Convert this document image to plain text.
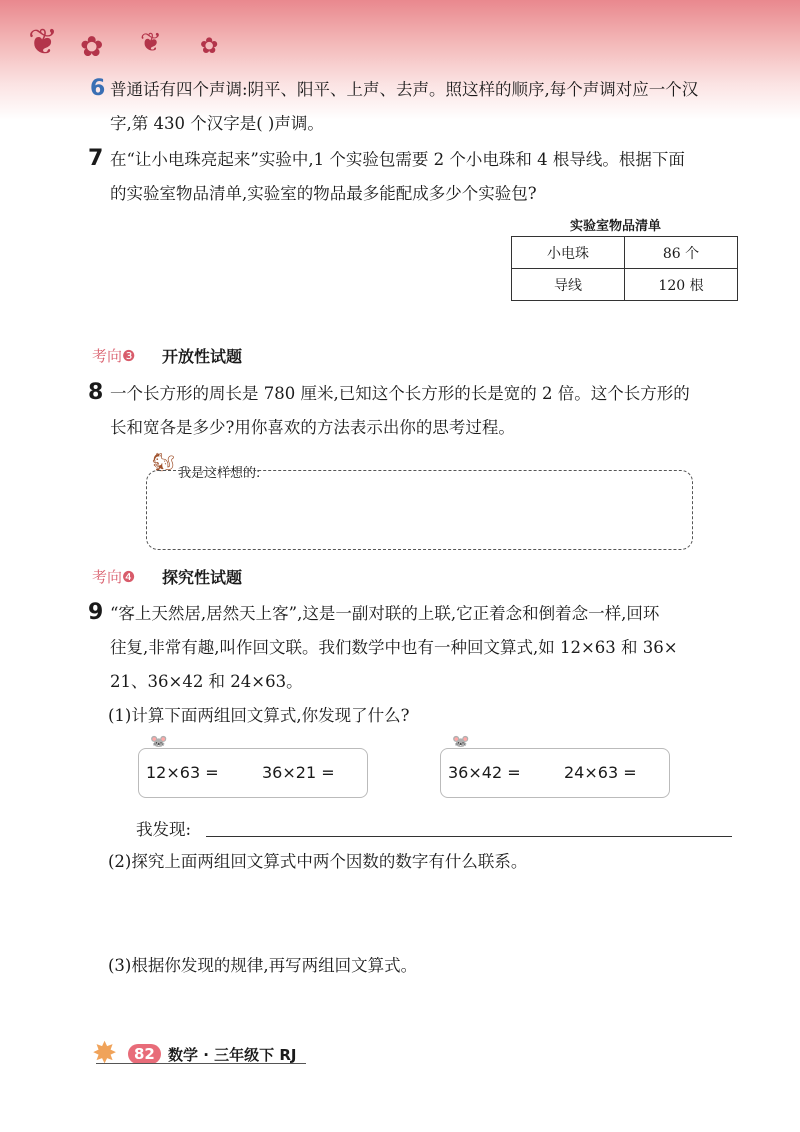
❦ ✿ ❦ ✿
6 普通话有四个声调:阴平、阳平、上声、去声。照这样的顺序,每个声调对应一个汉
字,第 430 个汉字是( )声调。
7 在“让小电珠亮起来”实验中,1 个实验包需要 2 个小电珠和 4 根导线。根据下面
的实验室物品清单,实验室的物品最多能配成多少个实验包?
实验室物品清单
小电珠	86 个
导线	120 根
考向❸ 开放性试题
8 一个长方形的周长是 780 厘米,已知这个长方形的长是宽的 2 倍。这个长方形的
长和宽各是多少?用你喜欢的方法表示出你的思考过程。
🐿
我是这样想的:
考向❹ 探究性试题
9 “客上天然居,居然天上客”,这是一副对联的上联,它正着念和倒着念一样,回环
往复,非常有趣,叫作回文联。我们数学中也有一种回文算式,如 12×63 和 36×
21、36×42 和 24×63。
(1)计算下面两组回文算式,你发现了什么?
🐭
12×63 =	36×21 =
🐭
36×42 =	24×63 =
我发现:
(2)探究上面两组回文算式中两个因数的数字有什么联系。
(3)根据你发现的规律,再写两组回文算式。
✸	82 数学 · 三年级下 RJ
